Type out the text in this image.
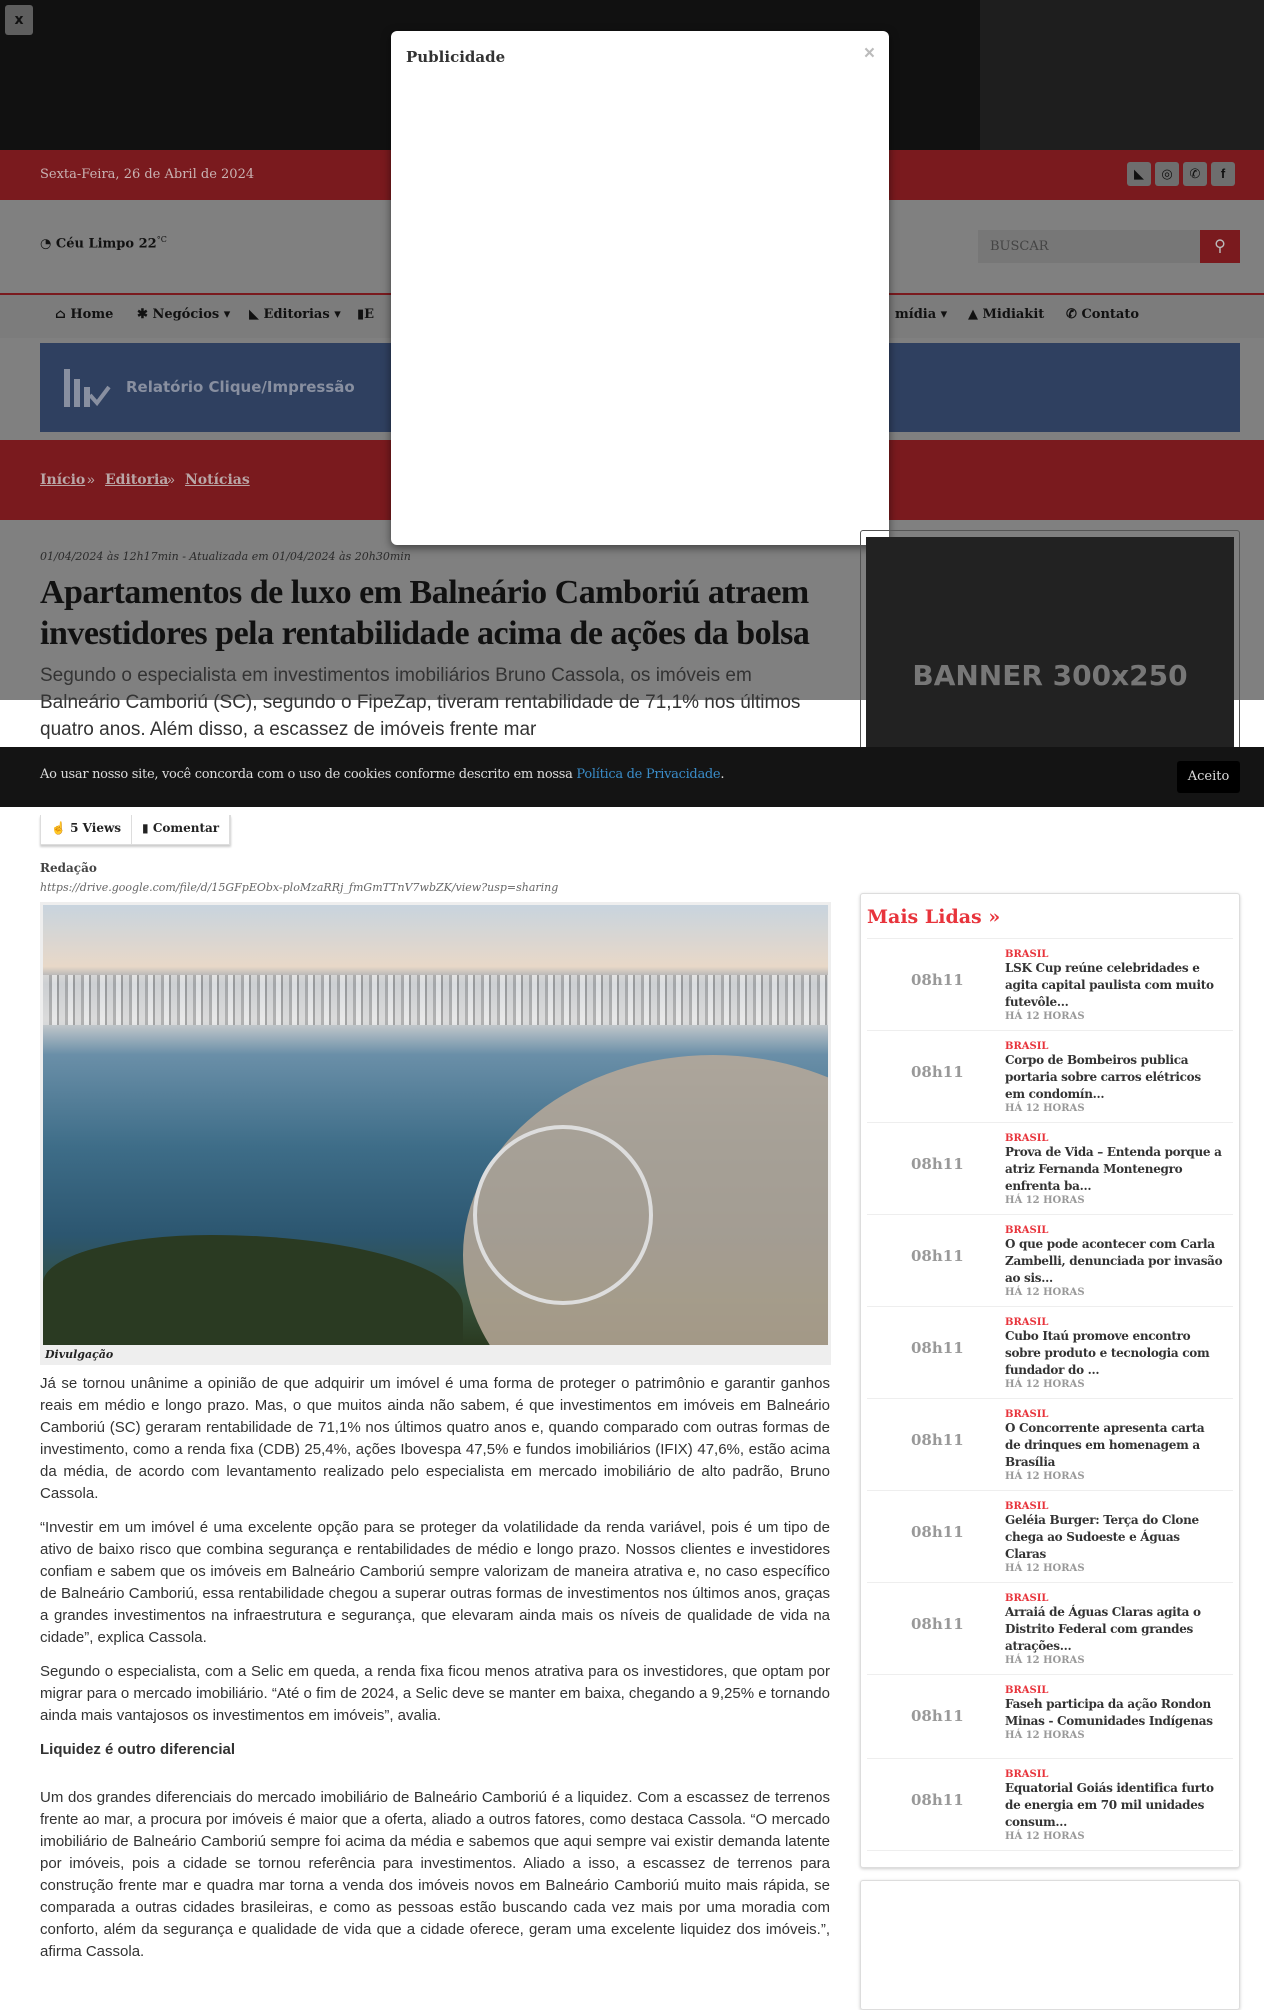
x
Sexta-Feira, 26 de Abril de 2024	◣	◎	✆	f
◔ Céu Limpo $22^{^\circ C}$
BUSCAR	⚲
⌂ Home ✱ Negócios ▾ ◣ Editorias ▾ ▮E	mídia ▾ ▲ Midiakit ✆ Contato
Relatório Clique/Impressão
Início » Editoria
» Notícias
Publicidade	×
BANNER 300x250
01/04/2024 às 12h17min - Atualizada em 01/04/2024 às 20h30min
Apartamentos de luxo em Balneário Camboriú atraem investidores pela rentabilidade acima de ações da bolsa
Segundo o especialista em investimentos imobiliários Bruno Cassola, os imóveis em Balneário Camboriú (SC), segundo o FipeZap, tiveram rentabilidade de 71,1% nos últimos quatro anos. Além disso, a escassez de imóveis frente mar
Ao usar nosso site, você concorda com o uso de cookies conforme descrito em nossa Política de Privacidade.	Aceito
☝ 5 Views	▮ Comentar
Redação
https://drive.google.com/file/d/15GFpEObx-ploMzaRRj_fmGmTTnV7wbZK/view?usp=sharing
Divulgação

Já se tornou unânime a opinião de que adquirir um imóvel é uma forma de proteger o patrimônio e garantir ganhos reais em médio e longo prazo. Mas, o que muitos ainda não sabem, é que investimentos em imóveis em Balneário Camboriú (SC) geraram rentabilidade de 71,1% nos últimos quatro anos e, quando comparado com outras formas de investimento, como a renda fixa (CDB) 25,4%, ações Ibovespa 47,5% e fundos imobiliários (IFIX) 47,6%, estão acima da média, de acordo com levantamento realizado pelo especialista em mercado imobiliário de alto padrão, Bruno Cassola.

“Investir em um imóvel é uma excelente opção para se proteger da volatilidade da renda variável, pois é um tipo de ativo de baixo risco que combina segurança e rentabilidades de médio e longo prazo. Nossos clientes e investidores confiam e sabem que os imóveis em Balneário Camboriú sempre valorizam de maneira atrativa e, no caso específico de Balneário Camboriú, essa rentabilidade chegou a superar outras formas de investimentos nos últimos anos, graças a grandes investimentos na infraestrutura e segurança, que elevaram ainda mais os níveis de qualidade de vida na cidade”, explica Cassola.

Segundo o especialista, com a Selic em queda, a renda fixa ficou menos atrativa para os investidores, que optam por migrar para o mercado imobiliário. “Até o fim de 2024, a Selic deve se manter em baixa, chegando a 9,25% e tornando ainda mais vantajosos os investimentos em imóveis”, avalia.

Liquidez é outro diferencial

Um dos grandes diferenciais do mercado imobiliário de Balneário Camboriú é a liquidez. Com a escassez de terrenos frente ao mar, a procura por imóveis é maior que a oferta, aliado a outros fatores, como destaca Cassola. “O mercado imobiliário de Balneário Camboriú sempre foi acima da média e sabemos que aqui sempre vai existir demanda latente por imóveis, pois a cidade se tornou referência para investimentos. Aliado a isso, a escassez de terrenos para construção frente mar e quadra mar torna a venda dos imóveis novos em Balneário Camboriú muito mais rápida, se comparada a outras cidades brasileiras, e como as pessoas estão buscando cada vez mais por uma moradia com conforto, além da segurança e qualidade de vida que a cidade oferece, geram uma excelente liquidez dos imóveis.”, afirma Cassola.

Mais Lidas »
08h11
BRASIL
LSK Cup reúne celebridades e agita capital paulista com muito futevôle...
HÁ 12 HORAS
08h11
BRASIL
Corpo de Bombeiros publica portaria sobre carros elétricos em condomín...
HÁ 12 HORAS
08h11
BRASIL
Prova de Vida – Entenda porque a atriz Fernanda Montenegro enfrenta ba...
HÁ 12 HORAS
08h11
BRASIL
O que pode acontecer com Carla Zambelli, denunciada por invasão ao sis...
HÁ 12 HORAS
08h11
BRASIL
Cubo Itaú promove encontro sobre produto e tecnologia com fundador do ...
HÁ 12 HORAS
08h11
BRASIL
O Concorrente apresenta carta de drinques em homenagem a Brasília
HÁ 12 HORAS
08h11
BRASIL
Geléia Burger: Terça do Clone chega ao Sudoeste e Águas Claras
HÁ 12 HORAS
08h11
BRASIL
Arraiá de Águas Claras agita o Distrito Federal com grandes atrações...
HÁ 12 HORAS
08h11
BRASIL
Faseh participa da ação Rondon Minas - Comunidades Indígenas
HÁ 12 HORAS
08h11
BRASIL
Equatorial Goiás identifica furto de energia em 70 mil unidades consum...
HÁ 12 HORAS
